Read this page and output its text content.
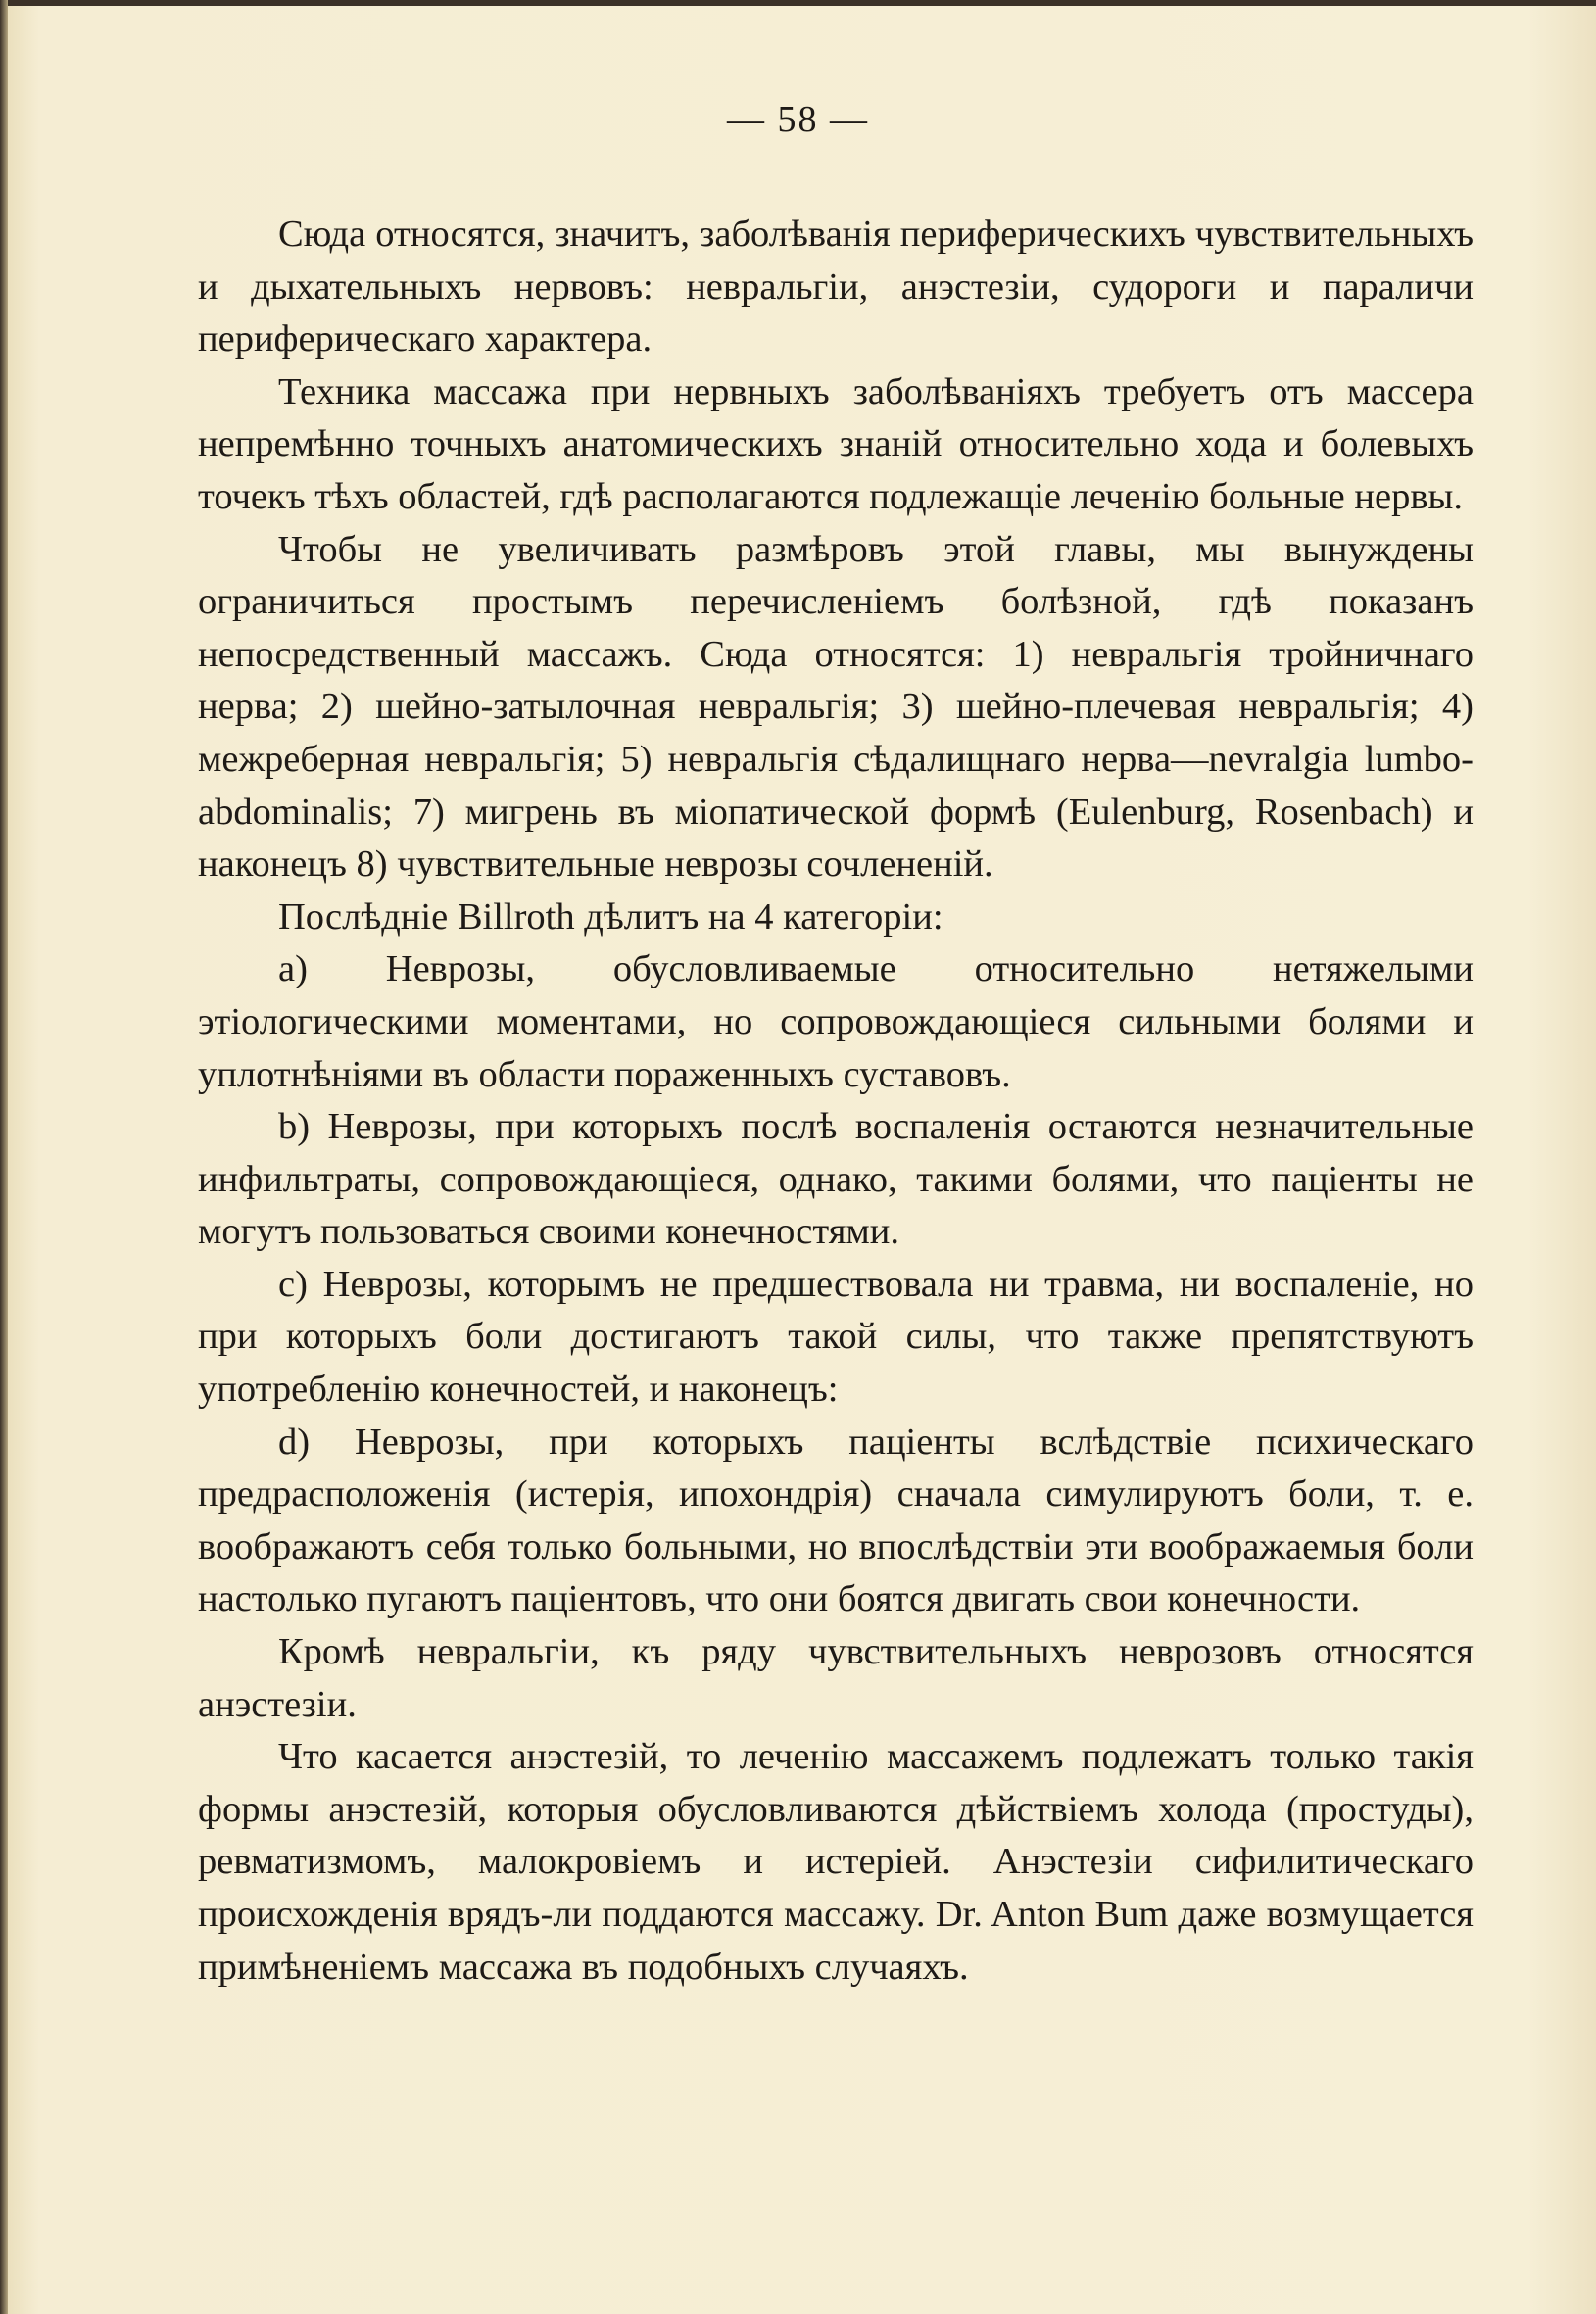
— 58 —

Сюда относятся, значитъ, заболѣванія периферическихъ чувствительныхъ и дыхательныхъ нервовъ: невральгіи, анэстезіи, судороги и параличи периферическаго характера.

Техника массажа при нервныхъ заболѣваніяхъ требуетъ отъ массера непремѣнно точныхъ анатомическихъ знаній относительно хода и болевыхъ точекъ тѣхъ областей, гдѣ располагаются подлежащіе леченію больные нервы.

Чтобы не увеличивать размѣровъ этой главы, мы вынуждены ограничиться простымъ перечисленіемъ болѣзной, гдѣ показанъ непосредственный массажъ. Сюда относятся: 1) невральгія тройничнаго нерва; 2) шейно-затылочная невральгія; 3) шейно-плечевая невральгія; 4) межреберная невральгія; 5) невральгія сѣдалищнаго нерва—nevralgia lumbo-abdominalis; 7) мигрень въ міопатической формѣ (Eulenburg, Rosenbach) и наконецъ 8) чувствительные неврозы сочлененій.

Послѣдніе Billroth дѣлитъ на 4 категоріи:

a) Неврозы, обусловливаемые относительно нетяжелыми этіологическими моментами, но сопровождающіеся сильными болями и уплотнѣніями въ области пораженныхъ суставовъ.

b) Неврозы, при которыхъ послѣ воспаленія остаются незначительные инфильтраты, сопровождающіеся, однако, такими болями, что паціенты не могутъ пользоваться своими конечностями.

c) Неврозы, которымъ не предшествовала ни травма, ни воспаленіе, но при которыхъ боли достигаютъ такой силы, что также препятствуютъ употребленію конечностей, и наконецъ:

d) Неврозы, при которыхъ паціенты вслѣдствіе психическаго предрасположенія (истерія, ипохондрія) сначала симулируютъ боли, т. е. воображаютъ себя только больными, но впослѣдствіи эти воображаемыя боли настолько пугаютъ паціентовъ, что они боятся двигать свои конечности.

Кромѣ невральгіи, къ ряду чувствительныхъ неврозовъ относятся анэстезіи.

Что касается анэстезій, то леченію массажемъ подлежатъ только такія формы анэстезій, которыя обусловливаются дѣйствіемъ холода (простуды), ревматизмомъ, малокровіемъ и истеріей. Анэстезіи сифилитическаго происхожденія врядъ-ли поддаются массажу. Dr. Anton Bum даже возмущается примѣненіемъ массажа въ подобныхъ случаяхъ.
